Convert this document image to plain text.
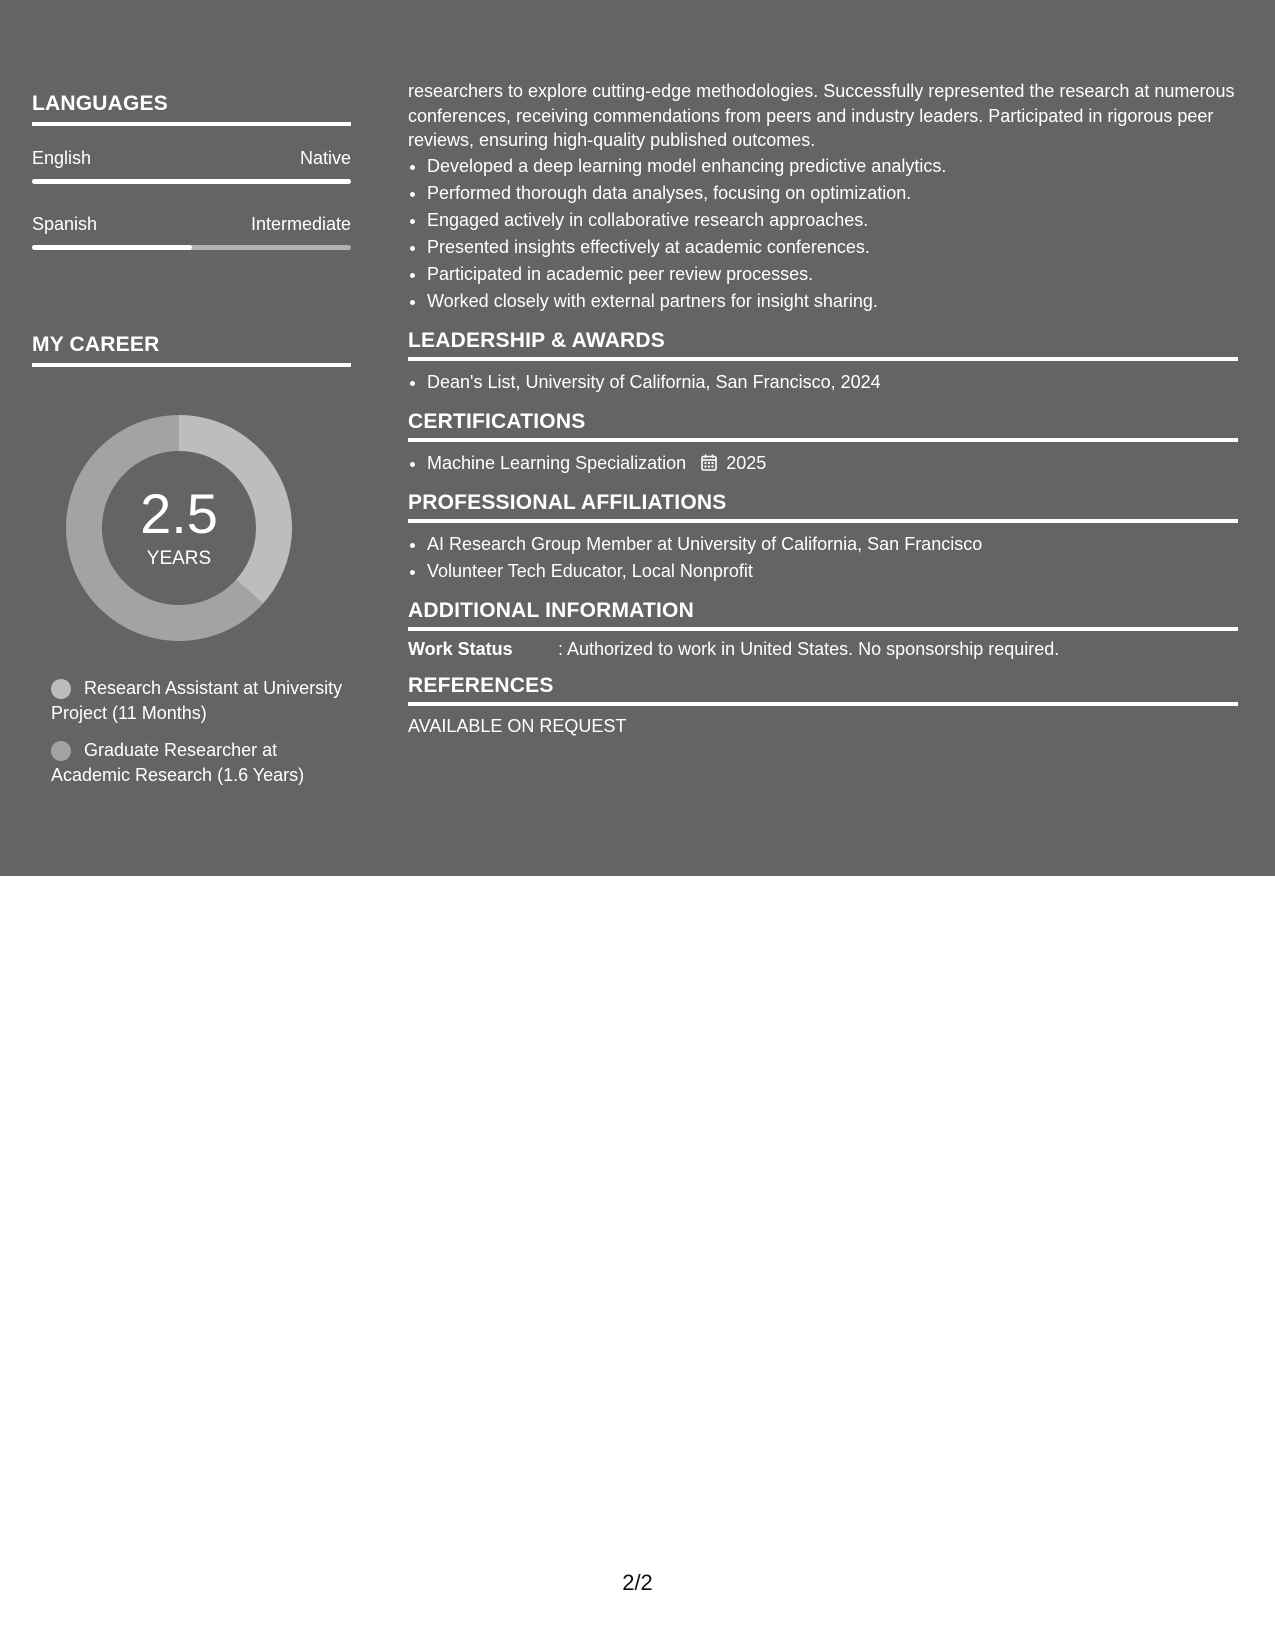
LANGUAGES
English	Native
Spanish	Intermediate
MY CAREER
2.5
YEARS
Research Assistant at University Project (11 Months)
Graduate Researcher at Academic Research (1.6 Years)

researchers to explore cutting-edge methodologies. Successfully represented the research at numerous conferences, receiving commendations from peers and industry leaders. Participated in rigorous peer reviews, ensuring high-quality published outcomes.

• Developed a deep learning model enhancing predictive analytics.
• Performed thorough data analyses, focusing on optimization.
• Engaged actively in collaborative research approaches.
• Presented insights effectively at academic conferences.
• Participated in academic peer review processes.
• Worked closely with external partners for insight sharing.
LEADERSHIP & AWARDS
• Dean's List, University of California, San Francisco, 2024
CERTIFICATIONS
• Machine Learning Specialization 2025
PROFESSIONAL AFFILIATIONS
• AI Research Group Member at University of California, San Francisco
• Volunteer Tech Educator, Local Nonprofit
ADDITIONAL INFORMATION
Work Status	: Authorized to work in United States. No sponsorship required.
REFERENCES
AVAILABLE ON REQUEST
2/2
